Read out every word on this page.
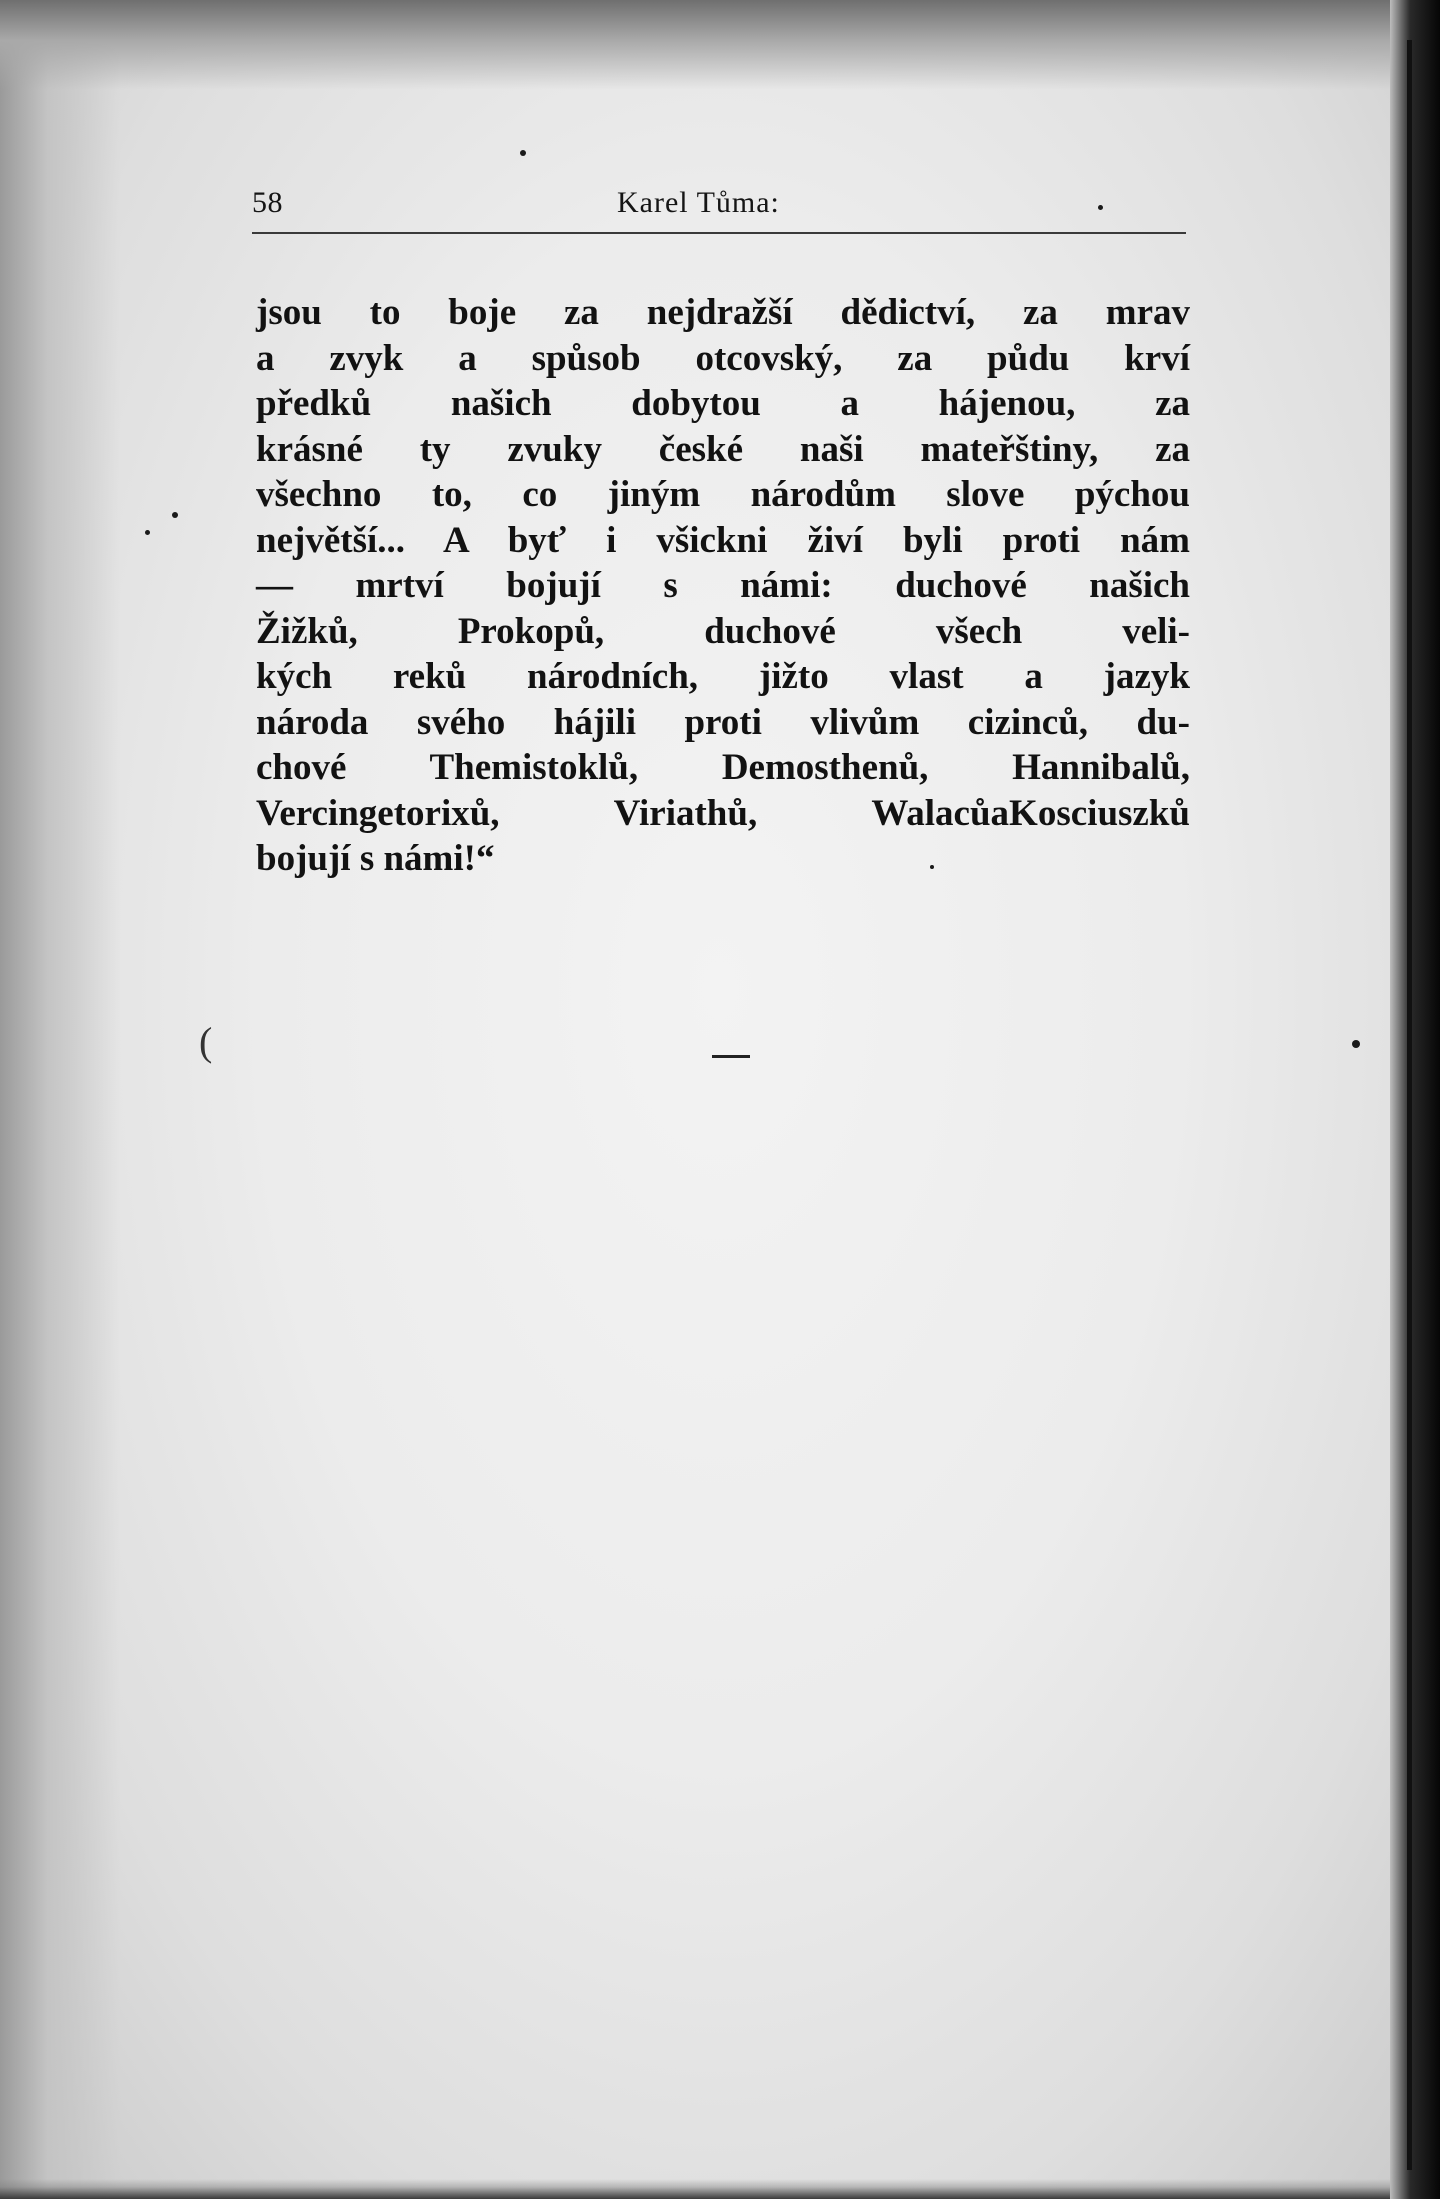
58	Karel Tůma:
jsou to boje za nejdražší dědictví, za mrav
a zvyk a spůsob otcovský, za půdu krví
předků našich dobytou a hájenou, za
krásné ty zvuky české naši mateřštiny, za
všechno to, co jiným národům slove pýchou
největší... A byť i všickni živí byli proti nám
— mrtví bojují s námi: duchové našich
Žižků, Prokopů, duchové všech veli-
kých reků národních, jižto vlast a jazyk
národa svého hájili proti vlivům cizinců, du-
chové Themistoklů, Demosthenů, Hannibalů,
Vercingetorixů, Viriathů, WalacůaKosciuszků
bojují s námi!“
(
